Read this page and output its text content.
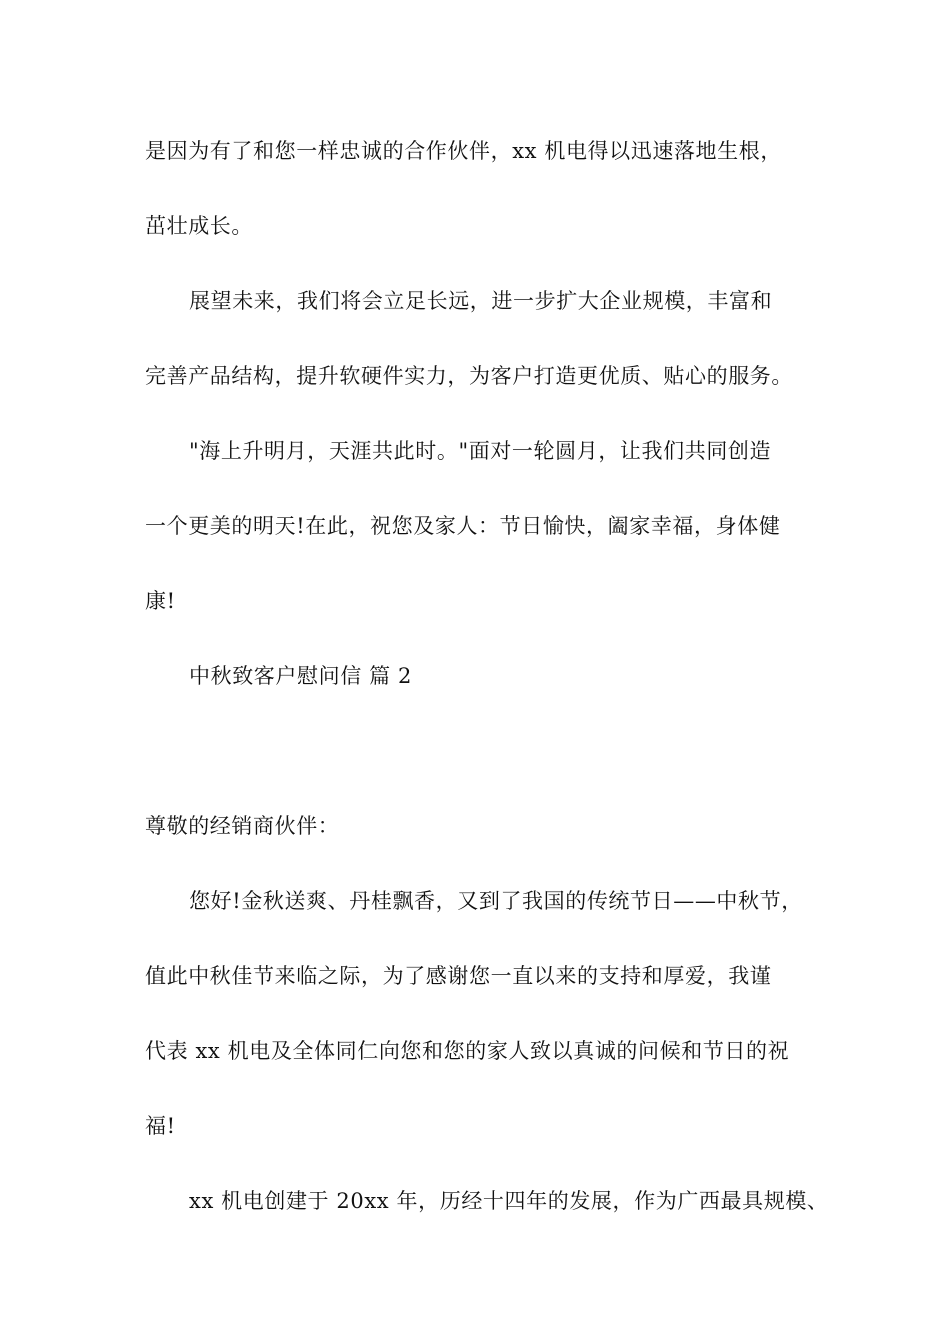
是因为有了和您一样忠诚的合作伙伴，xx 机电得以迅速落地生根，
茁壮成长。
展望未来，我们将会立足长远，进一步扩大企业规模，丰富和
完善产品结构，提升软硬件实力，为客户打造更优质、贴心的服务。
"海上升明月，天涯共此时。"面对一轮圆月，让我们共同创造
一个更美的明天!在此，祝您及家人：节日愉快，阖家幸福，身体健
康!
中秋致客户慰问信 篇 2
尊敬的经销商伙伴：
您好!金秋送爽、丹桂飘香，又到了我国的传统节日——中秋节，
值此中秋佳节来临之际，为了感谢您一直以来的支持和厚爱，我谨
代表 xx 机电及全体同仁向您和您的家人致以真诚的问候和节日的祝
福!
xx 机电创建于 20xx 年，历经十四年的发展，作为广西最具规模、
